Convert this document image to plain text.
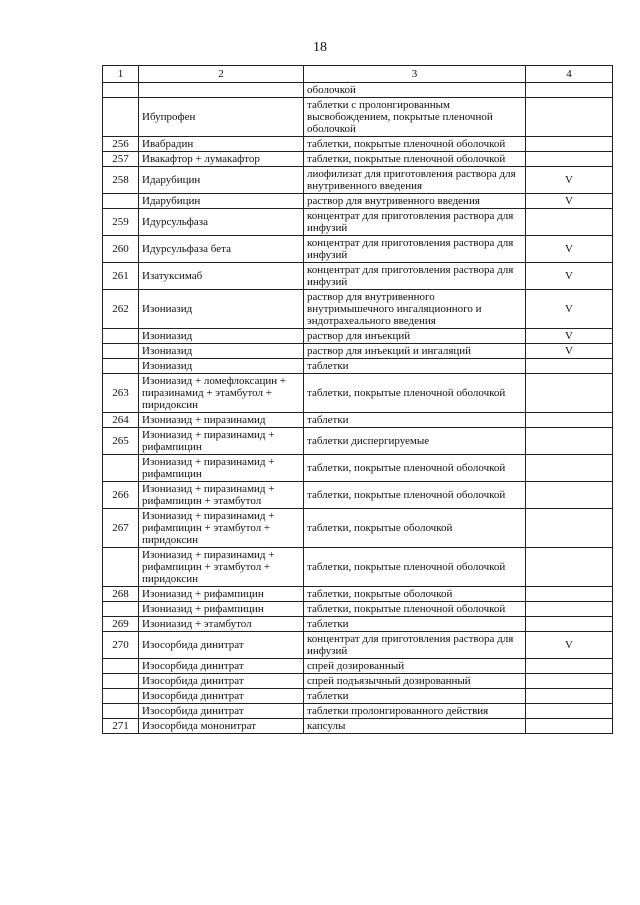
18
1	2	3	4
		оболочкой	
	Ибупрофен	таблетки с пролонгированным высвобождением, покрытые пленочной оболочкой	
256	Ивабрадин	таблетки, покрытые пленочной оболочкой	
257	Ивакафтор + лумакафтор	таблетки, покрытые пленочной оболочкой	
258	Идарубицин	лиофилизат для приготовления раствора для внутривенного введения	V
	Идарубицин	раствор для внутривенного введения	V
259	Идурсульфаза	концентрат для приготовления раствора для инфузий	
260	Идурсульфаза бета	концентрат для приготовления раствора для инфузий	V
261	Изатуксимаб	концентрат для приготовления раствора для инфузий	V
262	Изониазид	раствор для внутривенного внутримышечного ингаляционного и эндотрахеального введения	V
	Изониазид	раствор для инъекций	V
	Изониазид	раствор для инъекций и ингаляций	V
	Изониазид	таблетки	
263	Изониазид + ломефлоксацин + пиразинамид + этамбутол + пиридоксин	таблетки, покрытые пленочной оболочкой	
264	Изониазид + пиразинамид	таблетки	
265	Изониазид + пиразинамид + рифампицин	таблетки диспергируемые	
	Изониазид + пиразинамид + рифампицин	таблетки, покрытые пленочной оболочкой	
266	Изониазид + пиразинамид + рифампицин + этамбутол	таблетки, покрытые пленочной оболочкой	
267	Изониазид + пиразинамид + рифампицин + этамбутол + пиридоксин	таблетки, покрытые оболочкой	
	Изониазид + пиразинамид + рифампицин + этамбутол + пиридоксин	таблетки, покрытые пленочной оболочкой	
268	Изониазид + рифампицин	таблетки, покрытые оболочкой	
	Изониазид + рифампицин	таблетки, покрытые пленочной оболочкой	
269	Изониазид + этамбутол	таблетки	
270	Изосорбида динитрат	концентрат для приготовления раствора для инфузий	V
	Изосорбида динитрат	спрей дозированный	
	Изосорбида динитрат	спрей подъязычный дозированный	
	Изосорбида динитрат	таблетки	
	Изосорбида динитрат	таблетки пролонгированного действия	
271	Изосорбида мононитрат	капсулы	
